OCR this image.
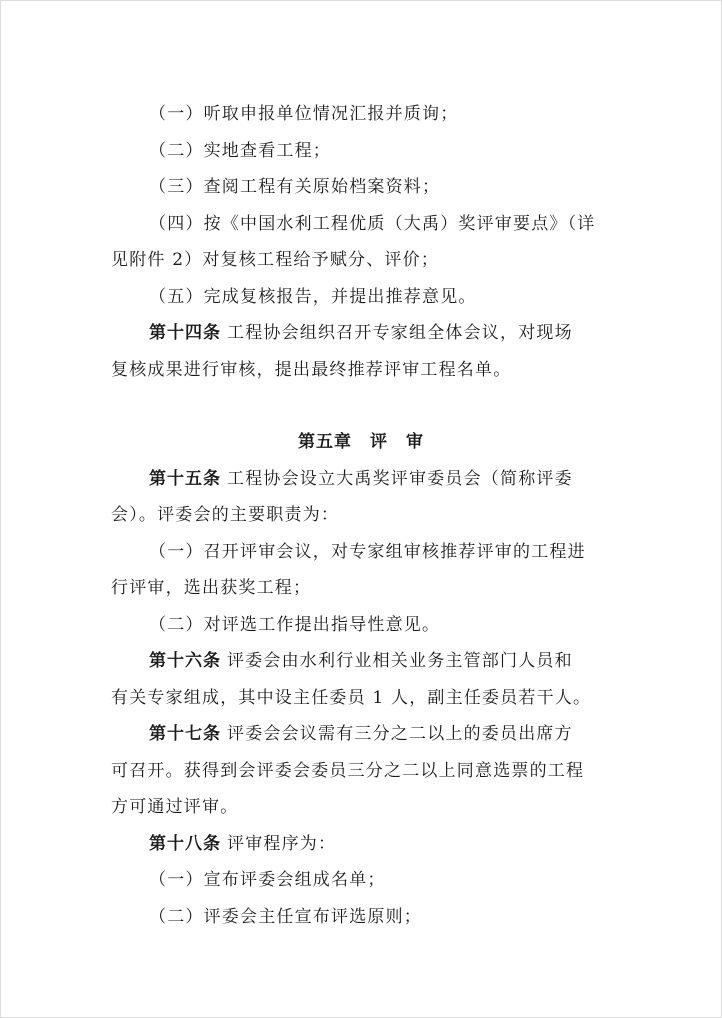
（一）听取申报单位情况汇报并质询；
（二）实地查看工程；
（三）查阅工程有关原始档案资料；
（四）按《中国水利工程优质（大禹）奖评审要点》（详
见附件 2）对复核工程给予赋分、评价；
（五）完成复核报告，并提出推荐意见。
第十四条 工程协会组织召开专家组全体会议，对现场
复核成果进行审核，提出最终推荐评审工程名单。
第五章　评　审
第十五条 工程协会设立大禹奖评审委员会（简称评委
会）。评委会的主要职责为：
（一）召开评审会议，对专家组审核推荐评审的工程进
行评审，选出获奖工程；
（二）对评选工作提出指导性意见。
第十六条 评委会由水利行业相关业务主管部门人员和
有关专家组成，其中设主任委员 1 人，副主任委员若干人。
第十七条 评委会会议需有三分之二以上的委员出席方
可召开。获得到会评委会委员三分之二以上同意选票的工程
方可通过评审。
第十八条 评审程序为：
（一）宣布评委会组成名单；
（二）评委会主任宣布评选原则；
